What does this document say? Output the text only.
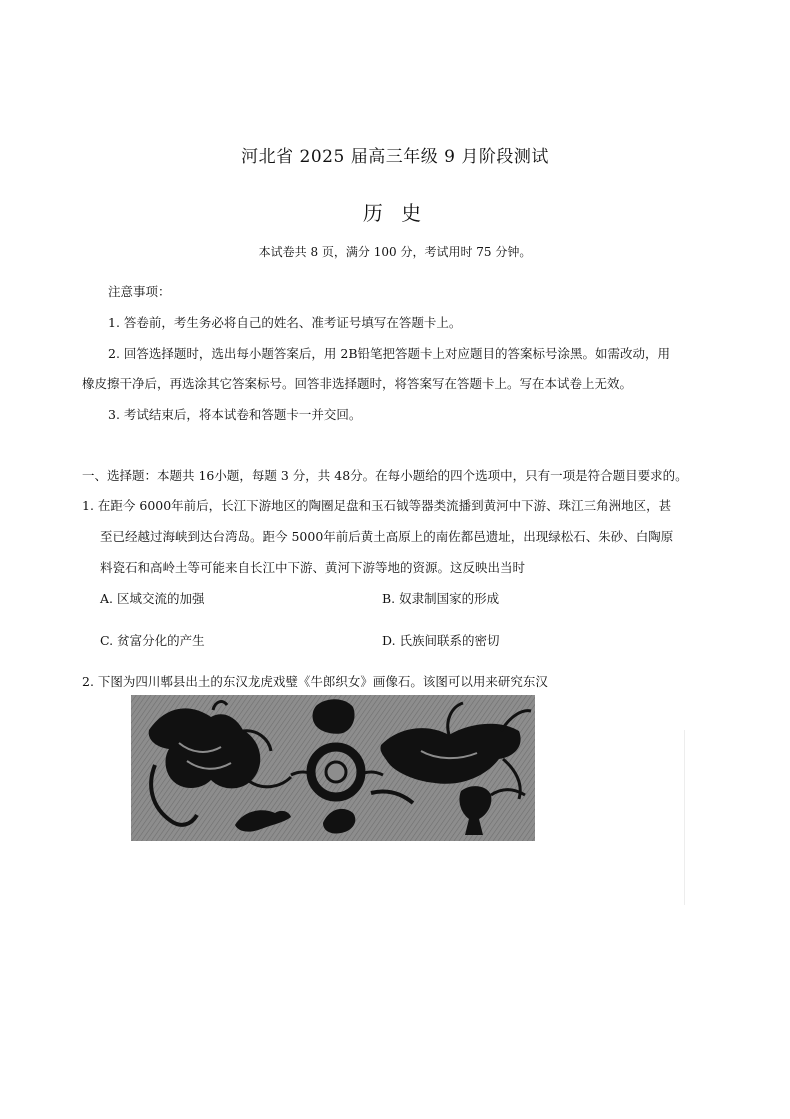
河北省 2025 届高三年级 9 月阶段测试
历 史
本试卷共 8 页，满分 100 分，考试用时 75 分钟。
注意事项：
1. 答卷前，考生务必将自己的姓名、准考证号填写在答题卡上。
2. 回答选择题时，选出每小题答案后，用 2B铅笔把答题卡上对应题目的答案标号涂黑。如需改动，用
橡皮擦干净后，再选涂其它答案标号。回答非选择题时，将答案写在答题卡上。写在本试卷上无效。
3. 考试结束后，将本试卷和答题卡一并交回。
一、选择题：本题共 16小题，每题 3 分，共 48分。在每小题给的四个选项中，只有一项是符合题目要求的。
1. 在距今 6000年前后，长江下游地区的陶圈足盘和玉石钺等器类流播到黄河中下游、珠江三角洲地区，甚
至已经越过海峡到达台湾岛。距今 5000年前后黄土高原上的南佐都邑遗址，出现绿松石、朱砂、白陶原
料瓷石和高岭土等可能来自长江中下游、黄河下游等地的资源。这反映出当时
A. 区域交流的加强	B. 奴隶制国家的形成
C. 贫富分化的产生	D. 氏族间联系的密切
2. 下图为四川郫县出土的东汉龙虎戏璧《牛郎织女》画像石。该图可以用来研究东汉
